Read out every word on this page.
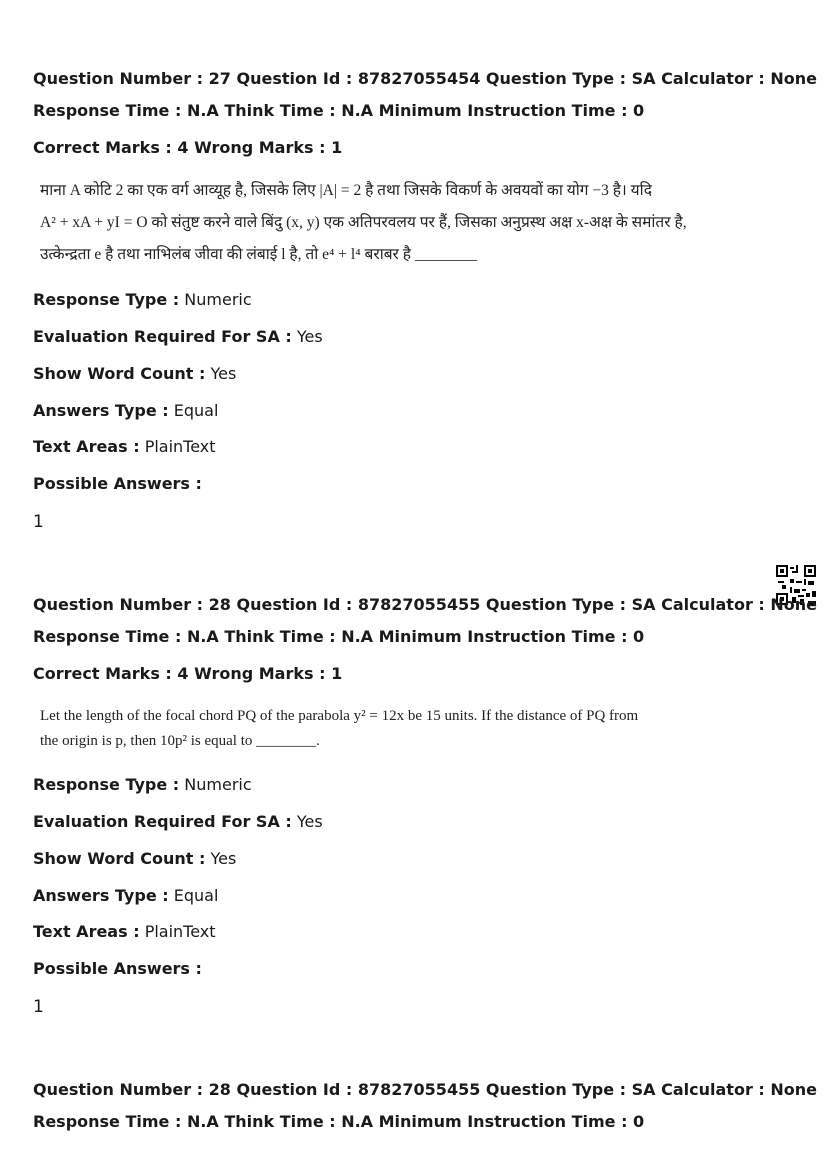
Question Number : 27 Question Id : 87827055454 Question Type : SA Calculator : None
Response Time : N.A Think Time : N.A Minimum Instruction Time : 0
Correct Marks : 4 Wrong Marks : 1
माना A कोटि 2 का एक वर्ग आव्यूह है, जिसके लिए |A| = 2 है तथा जिसके विकर्ण के अवयवों का योग −3 है। यदि
A² + xA + yI = O को संतुष्ट करने वाले बिंदु (x, y) एक अतिपरवलय पर हैं, जिसका अनुप्रस्थ अक्ष x-अक्ष के समांतर है,
उत्केन्द्रता e है तथा नाभिलंब जीवा की लंबाई l है, तो e⁴ + l⁴ बराबर है ________
Response Type : Numeric
Evaluation Required For SA : Yes
Show Word Count : Yes
Answers Type : Equal
Text Areas : PlainText
Possible Answers :
1
Question Number : 28 Question Id : 87827055455 Question Type : SA Calculator : None
Response Time : N.A Think Time : N.A Minimum Instruction Time : 0
Correct Marks : 4 Wrong Marks : 1
Let the length of the focal chord PQ of the parabola y² = 12x be 15 units. If the distance of PQ from
the origin is p, then 10p² is equal to ________.
Response Type : Numeric
Evaluation Required For SA : Yes
Show Word Count : Yes
Answers Type : Equal
Text Areas : PlainText
Possible Answers :
1
Question Number : 28 Question Id : 87827055455 Question Type : SA Calculator : None
Response Time : N.A Think Time : N.A Minimum Instruction Time : 0
